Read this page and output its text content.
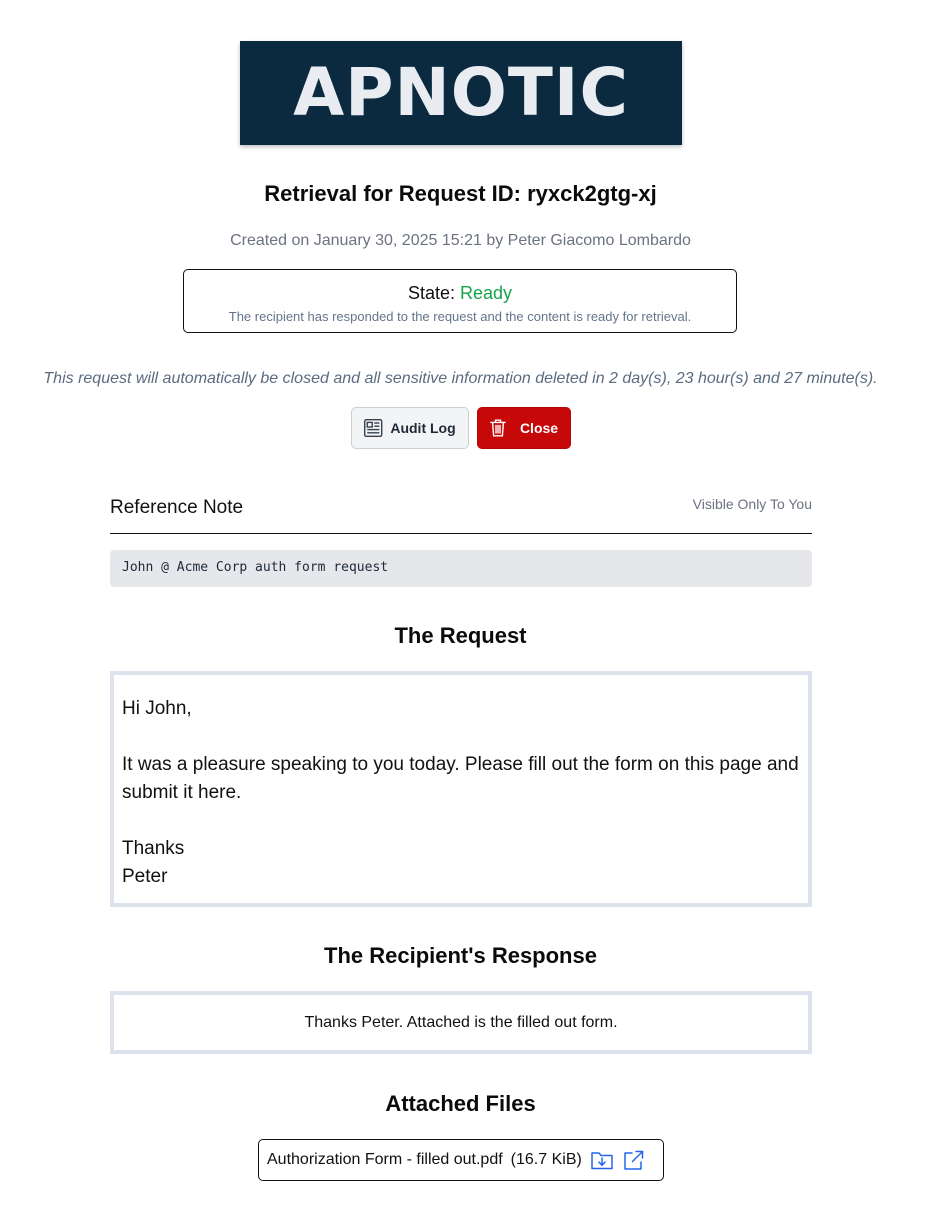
APNOTIC
Retrieval for Request ID: ryxck2gtg-xj
Created on January 30, 2025 15:21 by Peter Giacomo Lombardo
State: Ready
The recipient has responded to the request and the content is ready for retrieval.
This request will automatically be closed and all sensitive information deleted in 2 day(s), 23 hour(s) and 27 minute(s).
Audit Log	Close
Reference Note	Visible Only To You
John @ Acme Corp auth form request
The Request

Hi John,

It was a pleasure speaking to you today. Please fill out the form on this page and submit it here.

Thanks

Peter

The Recipient's Response
Thanks Peter. Attached is the filled out form.
Attached Files
Authorization Form - filled out.pdf (16.7 KiB)
